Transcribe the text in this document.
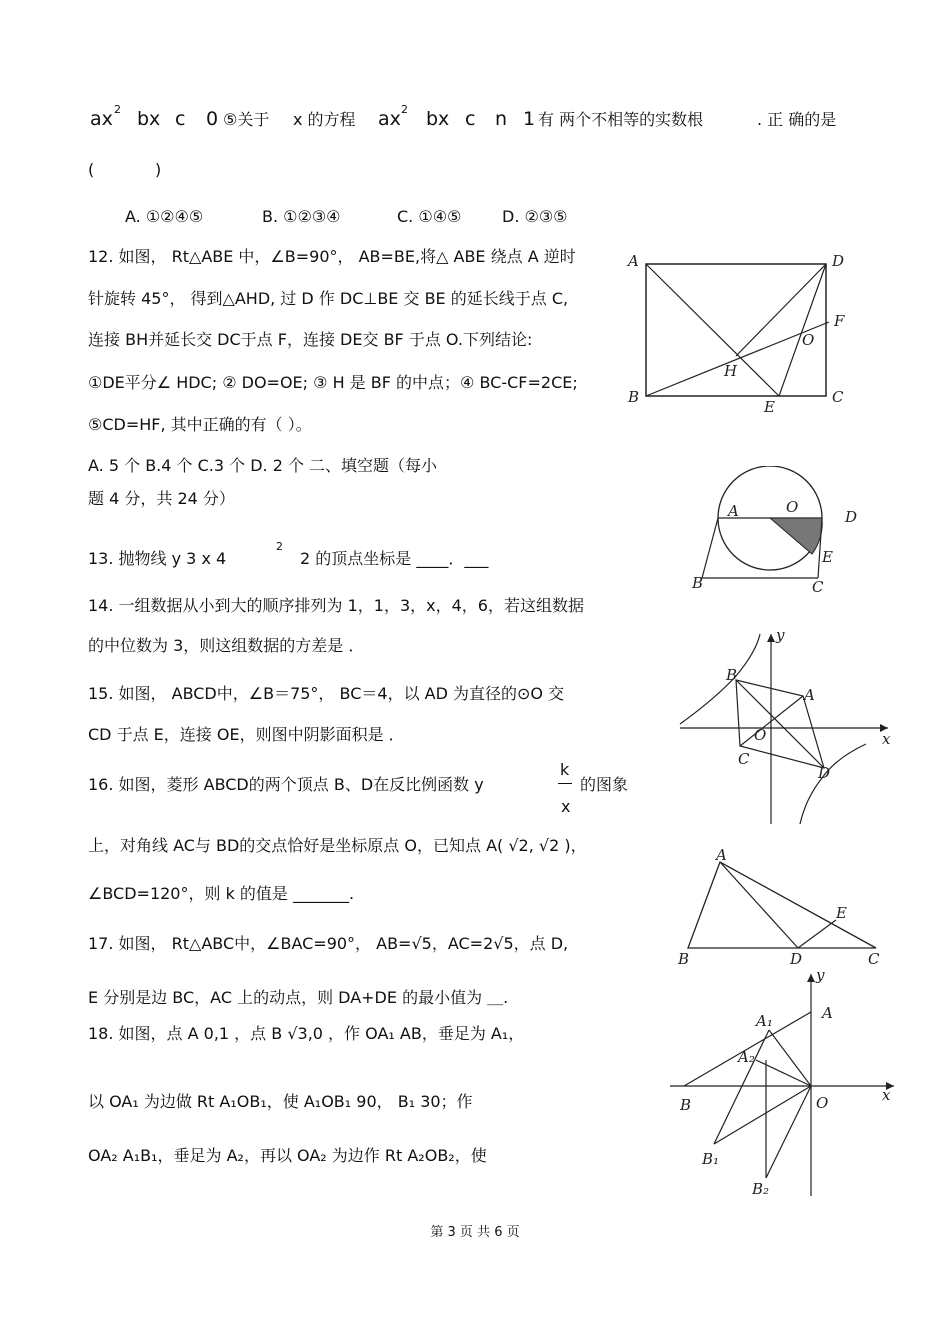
ax 2 bx c 0 ⑤关于 x 的方程 ax 2 bx c n 1 有 两个不相等的实数根	. 正 确的是
(	)
A. ①②④⑤	B. ①②③④	C. ①④⑤	D. ②③⑤
12. 如图， Rt△ABE 中，∠B=90°， AB=BE,将△ ABE 绕点 A 逆时
针旋转 45°， 得到△AHD, 过 D 作 DC⊥BE 交 BE 的延长线于点 C,
连接 BH并延长交 DC于点 F，连接 DE交 BF 于点 O.下列结论:
①DE平分∠ HDC; ② DO=OE; ③ H 是 BF 的中点；④ BC-CF=2CE;
⑤CD=HF, 其中正确的有（ ）。
A. 5 个 B.4 个 C.3 个 D. 2 个 二、填空题（每小
题 4 分，共 24 分）
A	D
F
O
H
B
E
C
A	O
D
B	C
E
13. 抛物线 y 3 x 4
2
2 的顶点坐标是 ____．___
14. 一组数据从小到大的顺序排列为 1，1，3，x，4，6，若这组数据
的中位数为 3，则这组数据的方差是 ．
y
B
A
O	x
C
D
15. 如图， ABCD中，∠B＝75°， BC＝4，以 AD 为直径的⊙O 交
CD 于点 E，连接 OE，则图中阴影面积是 ．
16. 如图，菱形 ABCD的两个顶点 B、D在反比例函数 y
k
x
的图象
上，对角线 AC与 BD的交点恰好是坐标原点 O，已知点 A( √2, √2 )，
∠BCD=120°，则 k 的值是 _______.
A
E
B	D	C
17. 如图， Rt△ABC中，∠BAC=90°， AB=√5，AC=2√5，点 D,
E 分别是边 BC，AC 上的动点，则 DA+DE 的最小值为 ＿.
y
A
A₁
A₂
B	O	x
B₁
B₂
18. 如图，点 A 0,1 ，点 B √3,0 ，作 OA₁ AB，垂足为 A₁，
以 OA₁ 为边做 Rt A₁OB₁，使 A₁OB₁ 90， B₁ 30；作
OA₂ A₁B₁，垂足为 A₂，再以 OA₂ 为边作 Rt A₂OB₂，使
第 3 页 共 6 页
